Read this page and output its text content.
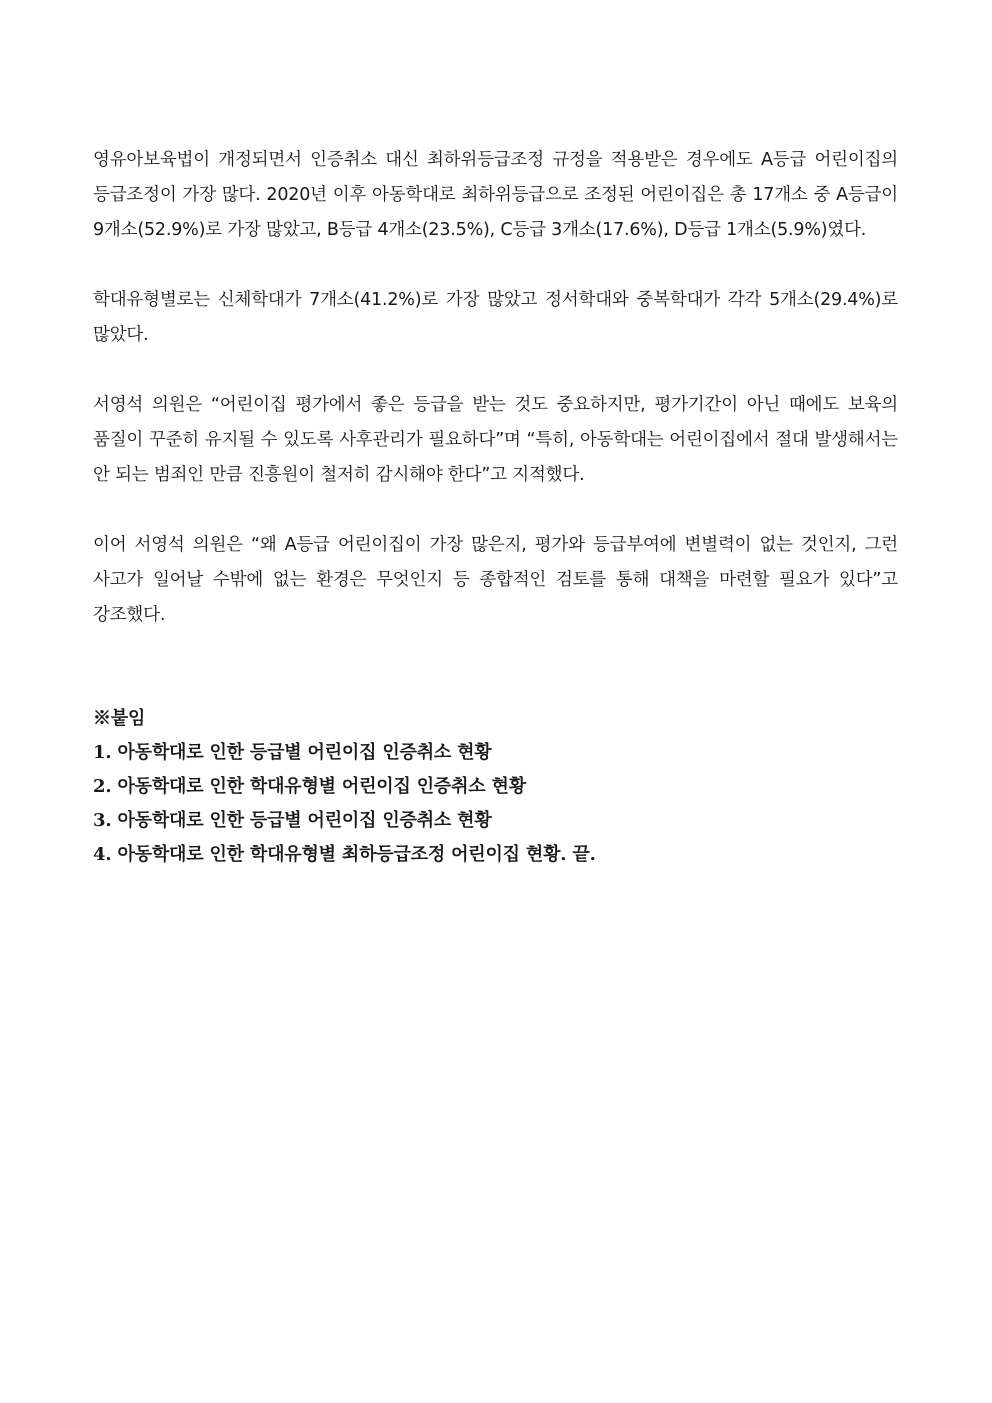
영유아보육법이 개정되면서 인증취소 대신 최하위등급조정 규정을 적용받은 경우에도 A등급 어린이집의 등급조정이 가장 많다. 2020년 이후 아동학대로 최하위등급으로 조정된 어린이집은 총 17개소 중 A등급이 9개소(52.9%)로 가장 많았고, B등급 4개소(23.5%), C등급 3개소(17.6%), D등급 1개소(5.9%)였다.

학대유형별로는 신체학대가 7개소(41.2%)로 가장 많았고 정서학대와 중복학대가 각각 5개소(29.4%)로 많았다.

서영석 의원은 “어린이집 평가에서 좋은 등급을 받는 것도 중요하지만, 평가기간이 아닌 때에도 보육의 품질이 꾸준히 유지될 수 있도록 사후관리가 필요하다”며 “특히, 아동학대는 어린이집에서 절대 발생해서는 안 되는 범죄인 만큼 진흥원이 철저히 감시해야 한다”고 지적했다.

이어 서영석 의원은 “왜 A등급 어린이집이 가장 많은지, 평가와 등급부여에 변별력이 없는 것인지, 그런 사고가 일어날 수밖에 없는 환경은 무엇인지 등 종합적인 검토를 통해 대책을 마련할 필요가 있다”고 강조했다.

※붙임
1. 아동학대로 인한 등급별 어린이집 인증취소 현황
2. 아동학대로 인한 학대유형별 어린이집 인증취소 현황
3. 아동학대로 인한 등급별 어린이집 인증취소 현황
4. 아동학대로 인한 학대유형별 최하등급조정 어린이집 현황. 끝.
